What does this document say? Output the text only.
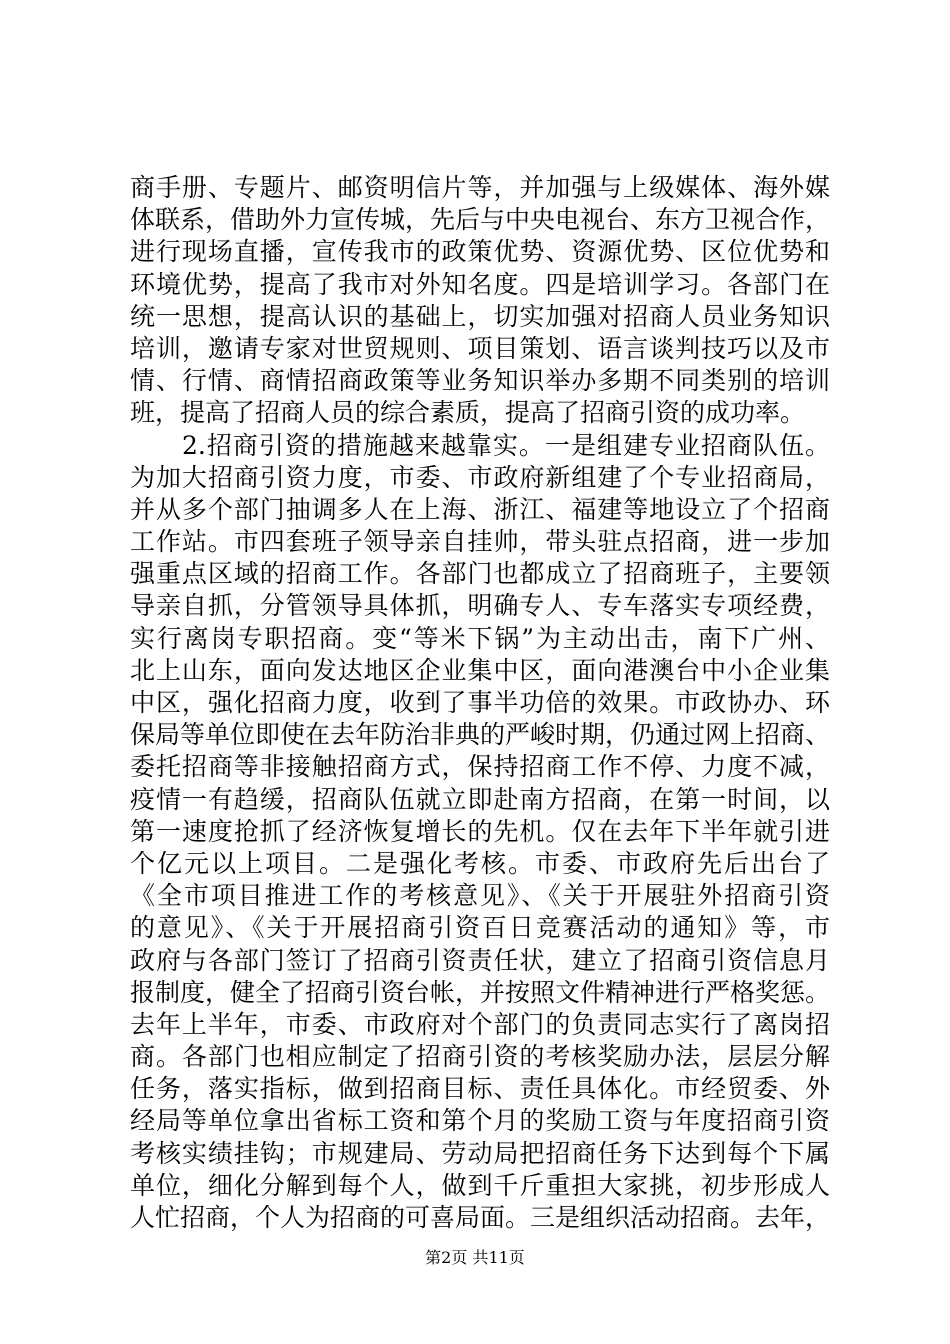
商手册、专题片、邮资明信片等，并加强与上级媒体、海外媒
体联系，借助外力宣传城，先后与中央电视台、东方卫视合作，
进行现场直播，宣传我市的政策优势、资源优势、区位优势和
环境优势，提高了我市对外知名度。四是培训学习。各部门在
统一思想，提高认识的基础上，切实加强对招商人员业务知识
培训，邀请专家对世贸规则、项目策划、语言谈判技巧以及市
情、行情、商情招商政策等业务知识举办多期不同类别的培训
班，提高了招商人员的综合素质，提高了招商引资的成功率。
2.招商引资的措施越来越靠实。一是组建专业招商队伍。
为加大招商引资力度，市委、市政府新组建了个专业招商局，
并从多个部门抽调多人在上海、浙江、福建等地设立了个招商
工作站。市四套班子领导亲自挂帅，带头驻点招商，进一步加
强重点区域的招商工作。各部门也都成立了招商班子，主要领
导亲自抓，分管领导具体抓，明确专人、专车落实专项经费，
实行离岗专职招商。变“等米下锅”为主动出击，南下广州、
北上山东，面向发达地区企业集中区，面向港澳台中小企业集
中区，强化招商力度，收到了事半功倍的效果。市政协办、环
保局等单位即使在去年防治非典的严峻时期，仍通过网上招商、
委托招商等非接触招商方式，保持招商工作不停、力度不减，
疫情一有趋缓，招商队伍就立即赴南方招商，在第一时间，以
第一速度抢抓了经济恢复增长的先机。仅在去年下半年就引进
个亿元以上项目。二是强化考核。市委、市政府先后出台了
《全市项目推进工作的考核意见》、《关于开展驻外招商引资
的意见》、《关于开展招商引资百日竞赛活动的通知》等，市
政府与各部门签订了招商引资责任状，建立了招商引资信息月
报制度，健全了招商引资台帐，并按照文件精神进行严格奖惩。
去年上半年，市委、市政府对个部门的负责同志实行了离岗招
商。各部门也相应制定了招商引资的考核奖励办法，层层分解
任务，落实指标，做到招商目标、责任具体化。市经贸委、外
经局等单位拿出省标工资和第个月的奖励工资与年度招商引资
考核实绩挂钩；市规建局、劳动局把招商任务下达到每个下属
单位，细化分解到每个人，做到千斤重担大家挑，初步形成人
人忙招商，个人为招商的可喜局面。三是组织活动招商。去年，
第2页 共11页
